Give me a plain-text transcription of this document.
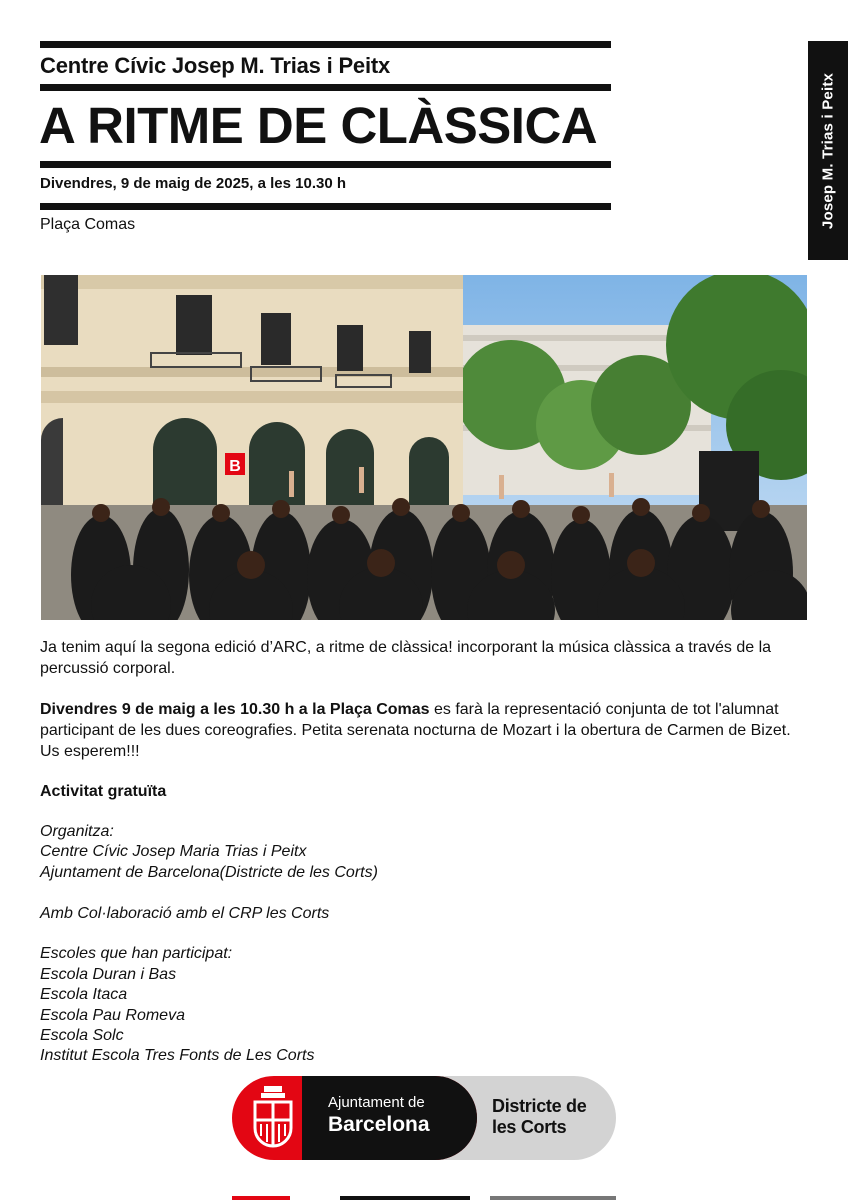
Centre Cívic Josep M. Trias i Peitx
A RITME DE CLÀSSICA
Divendres, 9 de maig de 2025, a les 10.30 h
Plaça Comas	Josep M. Trias i Peitx
B

Ja tenim aquí la segona edició d’ARC, a ritme de clàssica! incorporant la música clàssica a través de la percussió corporal.

Divendres 9 de maig a les 10.30 h a la Plaça Comas es farà la representació conjunta de tot l'alumnat participant de les dues coreografies. Petita serenata nocturna de Mozart i la obertura de Carmen de Bizet. Us esperem!!!

Activitat gratuïta

Organitza:
Centre Cívic Josep Maria Trias i Peitx
Ajuntament de Barcelona(Districte de les Corts)
Amb Col·laboració amb el CRP les Corts
Escoles que han participat:
Escola Duran i Bas
Escola Itaca
Escola Pau Romeva
Escola Solc
Institut Escola Tres Fonts de Les Corts
Ajuntament de
Barcelona
Districte de
les Corts
